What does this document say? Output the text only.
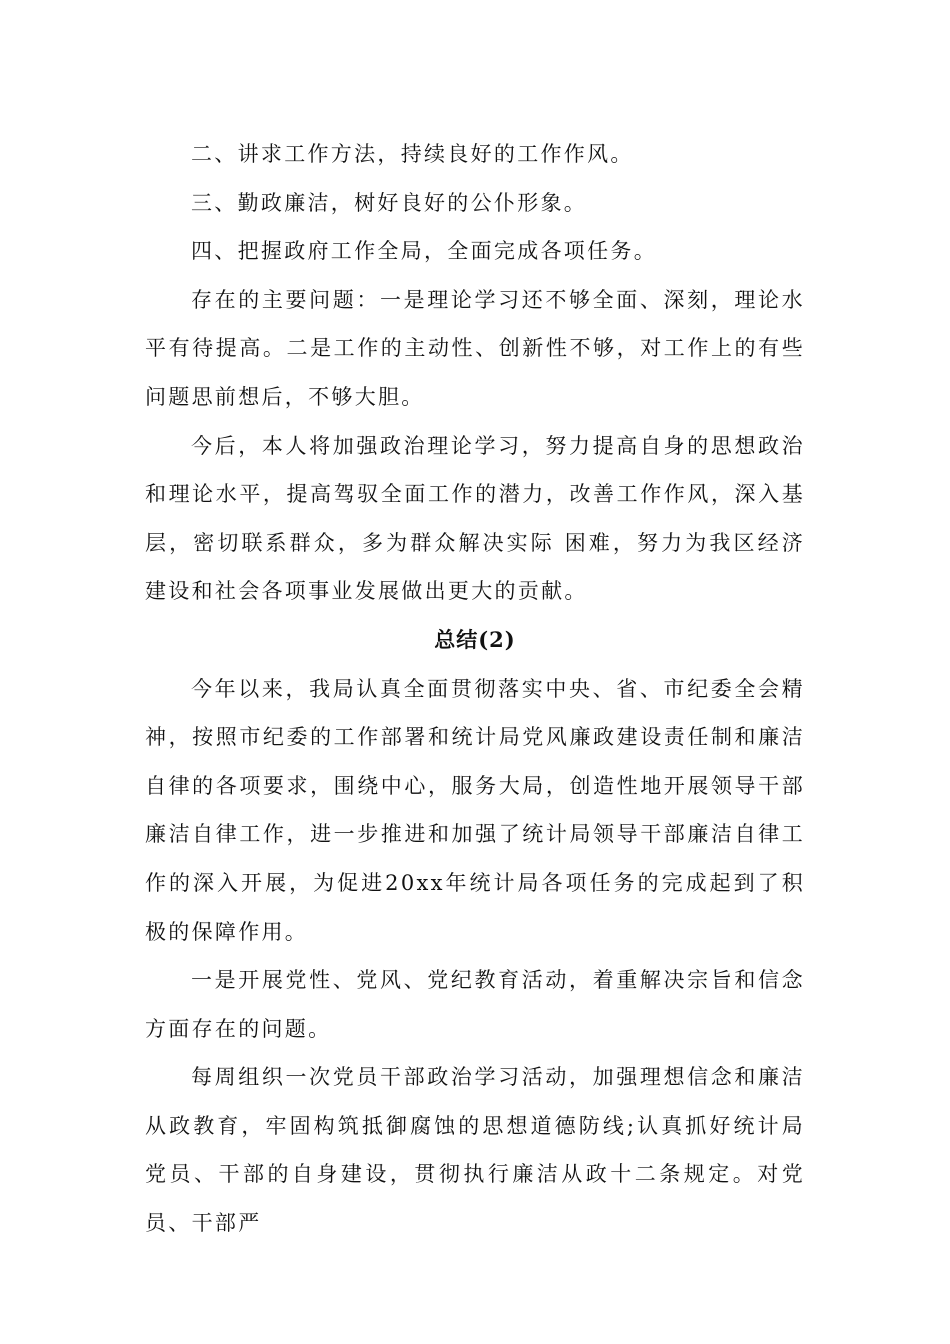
二、讲求工作方法，持续良好的工作作风。

三、勤政廉洁，树好良好的公仆形象。

四、把握政府工作全局，全面完成各项任务。

存在的主要问题：一是理论学习还不够全面、深刻，理论水平有待提高。二是工作的主动性、创新性不够，对工作上的有些问题思前想后，不够大胆。

今后，本人将加强政治理论学习，努力提高自身的思想政治和理论水平，提高驾驭全面工作的潜力，改善工作作风，深入基层，密切联系群众，多为群众解决实际 困难，努力为我区经济建设和社会各项事业发展做出更大的贡献。

总结(2)

今年以来，我局认真全面贯彻落实中央、省、市纪委全会精神，按照市纪委的工作部署和统计局党风廉政建设责任制和廉洁自律的各项要求，围绕中心，服务大局，创造性地开展领导干部廉洁自律工作，进一步推进和加强了统计局领导干部廉洁自律工作的深入开展，为促进20xx年统计局各项任务的完成起到了积极的保障作用。

一是开展党性、党风、党纪教育活动，着重解决宗旨和信念方面存在的问题。

每周组织一次党员干部政治学习活动，加强理想信念和廉洁从政教育，牢固构筑抵御腐蚀的思想道德防线;认真抓好统计局党员、干部的自身建设，贯彻执行廉洁从政十二条规定。对党员、干部严
